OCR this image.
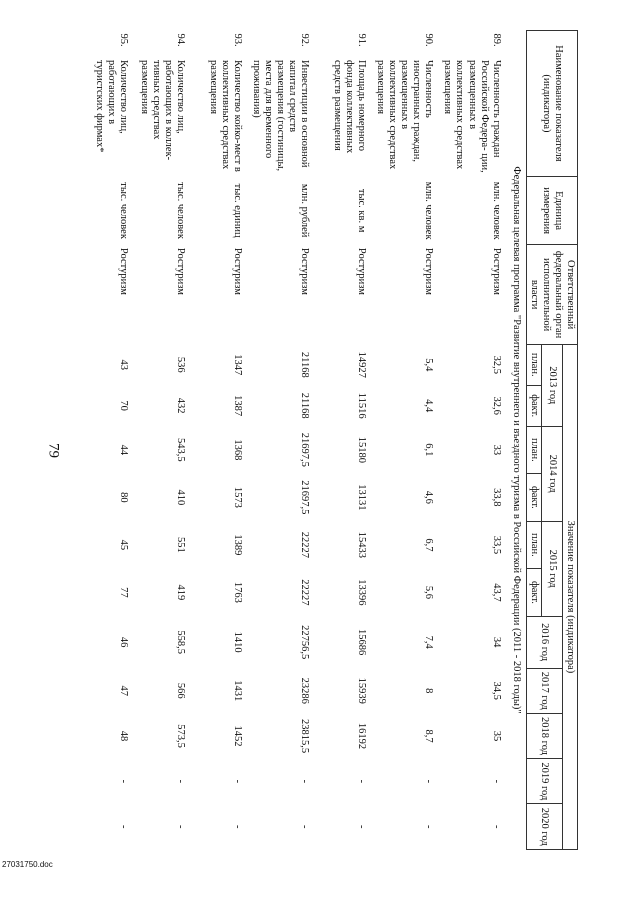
79
Наименование показателя (индикатора)		Единица измерения	Ответственный федеральный орган исполнительной власти	Значение показателя (индикатора)										
				2013 год		2014 год		2015 год		2016 год	2017 год	2018 год	2019 год	2020 год
				план.	факт.	план.	факт.	план.	факт.					
Федеральная целевая программа "Развитие внутреннего и въездного туризма в Российской Федерации (2011 - 2018 годы)"														
89.	Численность граждан Российской Федера- ции, размещенных в коллективных средствах размещения	млн. человек	Ростуризм	32,5	32,6	33	33,8	33,5	43,7	34	34,5	35	-	-
90.	Численность иностранных граждан, размещенных в коллективных средствах размещения	млн. человек	Ростуризм	5,4	4,4	6,1	4,6	6,7	5,6	7,4	8	8,7	-	-
91.	Площадь номерного фонда коллективных средств размещения	тыс. кв. м	Ростуризм	14927	11516	15180	13131	15433	13396	15686	15939	16192	-	-
92.	Инвестиции в основной капитал средств размещения (гостиницы, места для временного проживания)	млн. рублей	Ростуризм	21168	21168	21697,5	21697,5	22227	22227	22756,5	23286	23815,5	-	-
93.	Количество койко-мест в коллективных средствах размещения	тыс. единиц	Ростуризм	1347	1387	1368	1573	1389	1763	1410	1431	1452	-	-
94.	Количество лиц, работающих в коллек- тивных средствах размещения	тыс. человек	Ростуризм	536	432	543,5	410	551	419	558,5	566	573,5	-	-
95.	Количество лиц, работающих в туристских фирмах*	тыс. человек	Ростуризм	43	70	44	80	45	77	46	47	48	-	-
27031750.doc
